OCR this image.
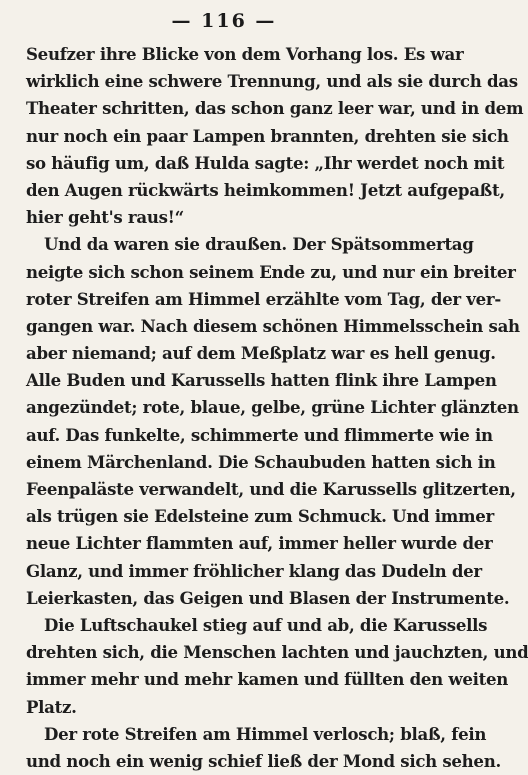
— 116 —
Seufzer ihre Blicke von dem Vorhang los. Es war
wirklich eine schwere Trennung, und als sie durch das
Theater schritten, das schon ganz leer war, und in dem
nur noch ein paar Lampen brannten, drehten sie sich
so häufig um, daß Hulda sagte: „Ihr werdet noch mit
den Augen rückwärts heimkommen! Jetzt aufgepaßt,
hier geht's raus!“
Und da waren sie draußen. Der Spätsommertag
neigte sich schon seinem Ende zu, und nur ein breiter
roter Streifen am Himmel erzählte vom Tag, der ver-
gangen war. Nach diesem schönen Himmelsschein sah
aber niemand; auf dem Meßplatz war es hell genug.
Alle Buden und Karussells hatten flink ihre Lampen
angezündet; rote, blaue, gelbe, grüne Lichter glänzten
auf. Das funkelte, schimmerte und flimmerte wie in
einem Märchenland. Die Schaubuden hatten sich in
Feenpaläste verwandelt, und die Karussells glitzerten,
als trügen sie Edelsteine zum Schmuck. Und immer
neue Lichter flammten auf, immer heller wurde der
Glanz, und immer fröhlicher klang das Dudeln der
Leierkasten, das Geigen und Blasen der Instrumente.
Die Luftschaukel stieg auf und ab, die Karussells
drehten sich, die Menschen lachten und jauchzten, und
immer mehr und mehr kamen und füllten den weiten
Platz.
Der rote Streifen am Himmel verlosch; blaß, fein
und noch ein wenig schief ließ der Mond sich sehen.
